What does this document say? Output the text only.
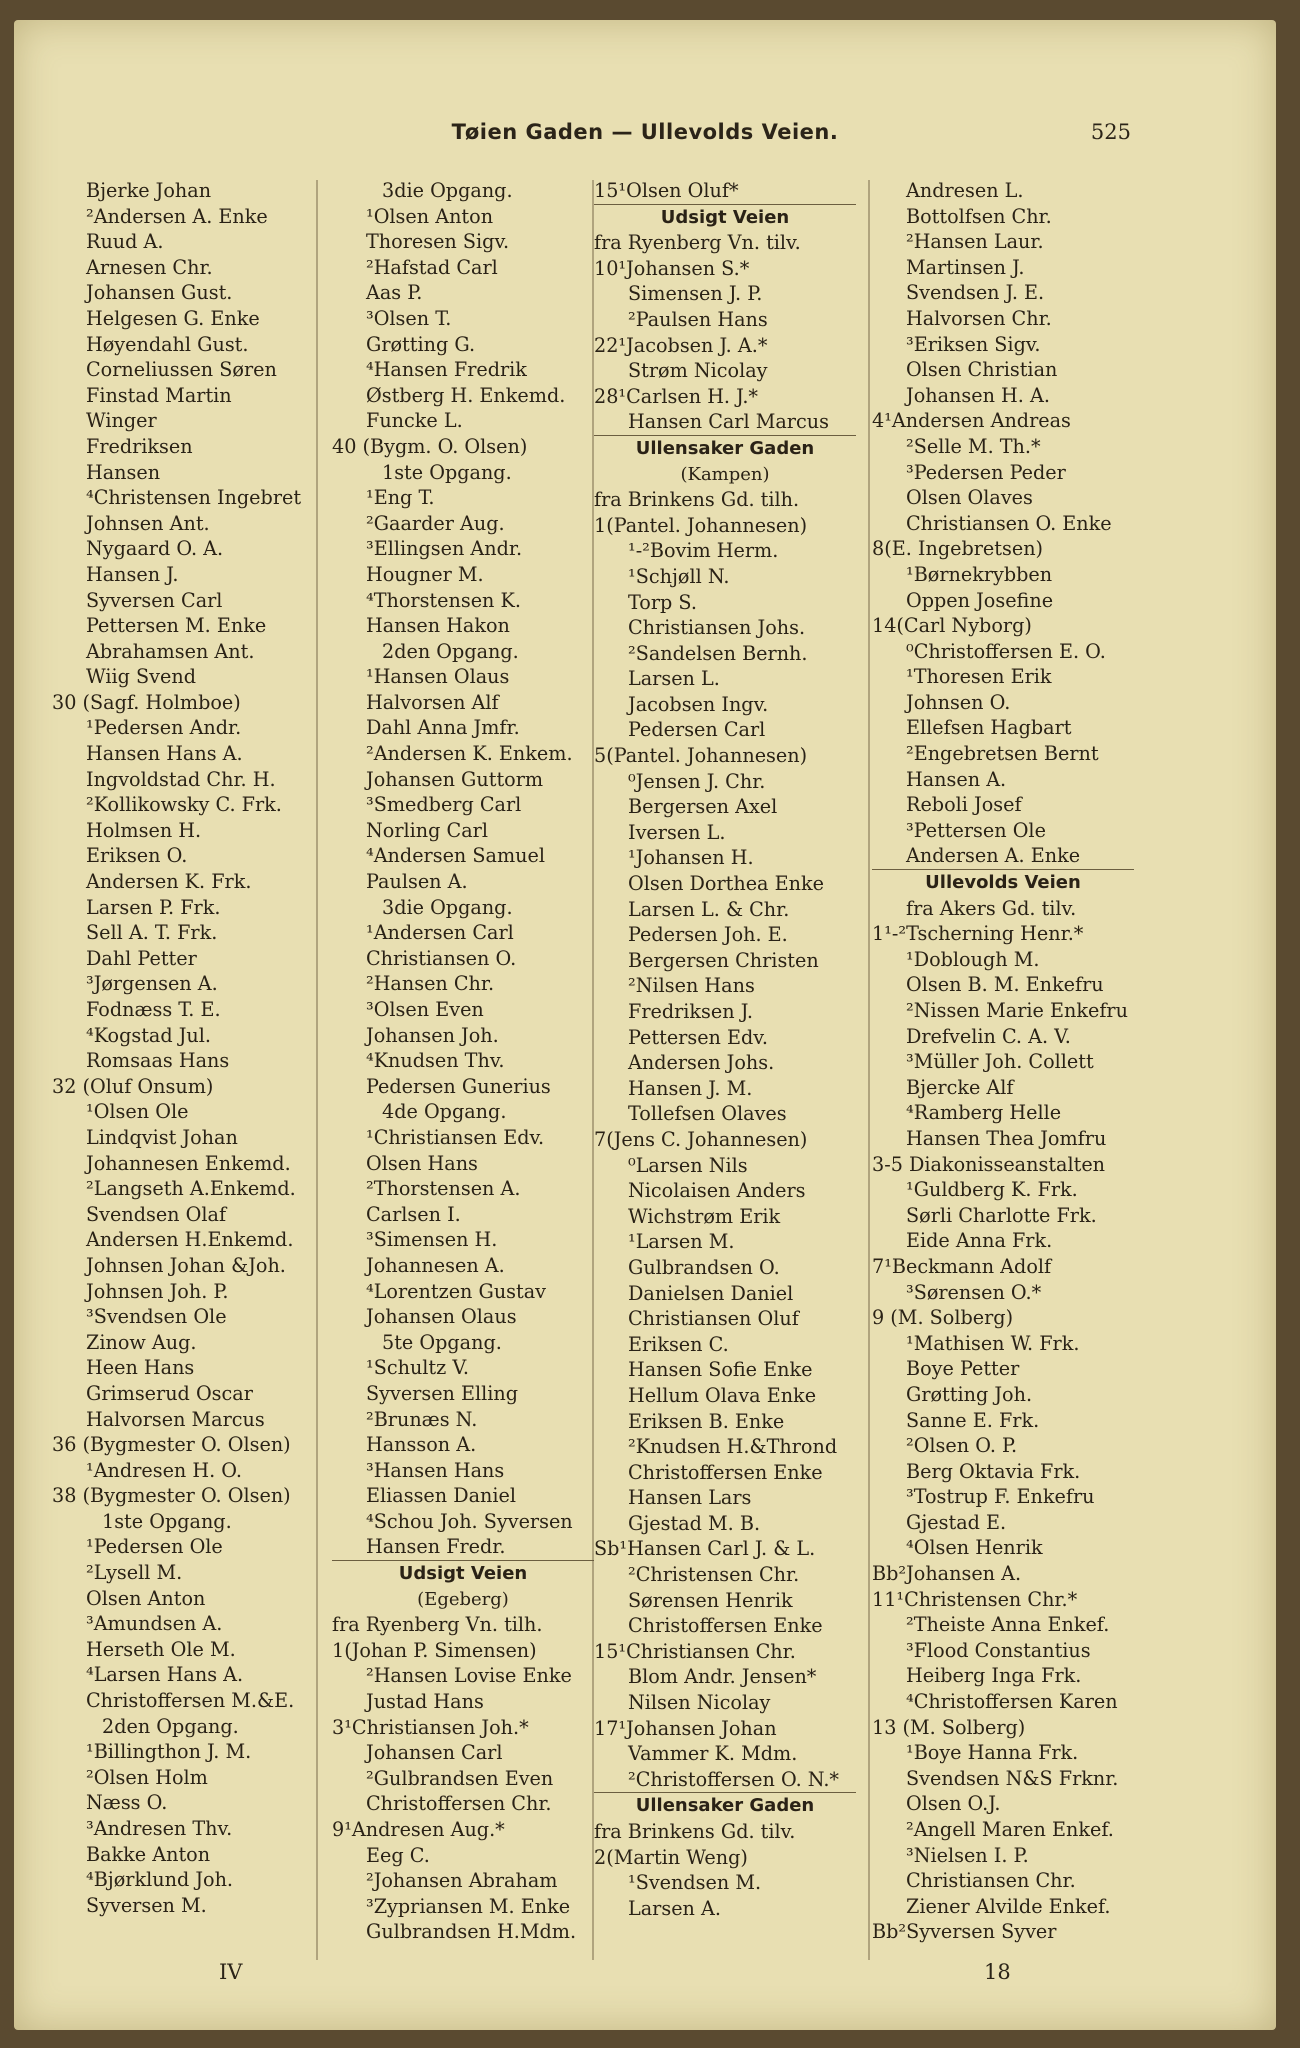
Tøien Gaden — Ullevolds Veien.	525
Bjerke Johan
²Andersen A. Enke
Ruud A.
Arnesen Chr.
Johansen Gust.
Helgesen G. Enke
Høyendahl Gust.
Corneliussen Søren
Finstad Martin
Winger
Fredriksen
Hansen
⁴Christensen Ingebret
Johnsen Ant.
Nygaard O. A.
Hansen J.
Syversen Carl
Pettersen M. Enke
Abrahamsen Ant.
Wiig Svend
30 (Sagf. Holmboe)
¹Pedersen Andr.
Hansen Hans A.
Ingvoldstad Chr. H.
²Kollikowsky C. Frk.
Holmsen H.
Eriksen O.
Andersen K. Frk.
Larsen P. Frk.
Sell A. T. Frk.
Dahl Petter
³Jørgensen A.
Fodnæss T. E.
⁴Kogstad Jul.
Romsaas Hans
32 (Oluf Onsum)
¹Olsen Ole
Lindqvist Johan
Johannesen Enkemd.
²Langseth A.Enkemd.
Svendsen Olaf
Andersen H.Enkemd.
Johnsen Johan &Joh.
Johnsen Joh. P.
³Svendsen Ole
Zinow Aug.
Heen Hans
Grimserud Oscar
Halvorsen Marcus
36 (Bygmester O. Olsen)
¹Andresen H. O.
38 (Bygmester O. Olsen)
1ste Opgang.
¹Pedersen Ole
²Lysell M.
Olsen Anton
³Amundsen A.
Herseth Ole M.
⁴Larsen Hans A.
Christoffersen M.&E.
2den Opgang.
¹Billingthon J. M.
²Olsen Holm
Næss O.
³Andresen Thv.
Bakke Anton
⁴Bjørklund Joh.
Syversen M.
3die Opgang.
¹Olsen Anton
Thoresen Sigv.
²Hafstad Carl
Aas P.
³Olsen T.
Grøtting G.
⁴Hansen Fredrik
Østberg H. Enkemd.
Funcke L.
40 (Bygm. O. Olsen)
1ste Opgang.
¹Eng T.
²Gaarder Aug.
³Ellingsen Andr.
Hougner M.
⁴Thorstensen K.
Hansen Hakon
2den Opgang.
¹Hansen Olaus
Halvorsen Alf
Dahl Anna Jmfr.
²Andersen K. Enkem.
Johansen Guttorm
³Smedberg Carl
Norling Carl
⁴Andersen Samuel
Paulsen A.
3die Opgang.
¹Andersen Carl
Christiansen O.
²Hansen Chr.
³Olsen Even
Johansen Joh.
⁴Knudsen Thv.
Pedersen Gunerius
4de Opgang.
¹Christiansen Edv.
Olsen Hans
²Thorstensen A.
Carlsen I.
³Simensen H.
Johannesen A.
⁴Lorentzen Gustav
Johansen Olaus
5te Opgang.
¹Schultz V.
Syversen Elling
²Brunæs N.
Hansson A.
³Hansen Hans
Eliassen Daniel
⁴Schou Joh. Syversen
Hansen Fredr.
Udsigt Veien
(Egeberg)
fra Ryenberg Vn. tilh.
1(Johan P. Simensen)
²Hansen Lovise Enke
Justad Hans
3¹Christiansen Joh.*
Johansen Carl
²Gulbrandsen Even
Christoffersen Chr.
9¹Andresen Aug.*
Eeg C.
²Johansen Abraham
³Zypriansen M. Enke
Gulbrandsen H.Mdm.
15¹Olsen Oluf*
Udsigt Veien
fra Ryenberg Vn. tilv.
10¹Johansen S.*
Simensen J. P.
²Paulsen Hans
22¹Jacobsen J. A.*
Strøm Nicolay
28¹Carlsen H. J.*
Hansen Carl Marcus
Ullensaker Gaden
(Kampen)
fra Brinkens Gd. tilh.
1(Pantel. Johannesen)
¹-²Bovim Herm.
¹Schjøll N.
Torp S.
Christiansen Johs.
²Sandelsen Bernh.
Larsen L.
Jacobsen Ingv.
Pedersen Carl
5(Pantel. Johannesen)
⁰Jensen J. Chr.
Bergersen Axel
Iversen L.
¹Johansen H.
Olsen Dorthea Enke
Larsen L. & Chr.
Pedersen Joh. E.
Bergersen Christen
²Nilsen Hans
Fredriksen J.
Pettersen Edv.
Andersen Johs.
Hansen J. M.
Tollefsen Olaves
7(Jens C. Johannesen)
⁰Larsen Nils
Nicolaisen Anders
Wichstrøm Erik
¹Larsen M.
Gulbrandsen O.
Danielsen Daniel
Christiansen Oluf
Eriksen C.
Hansen Sofie Enke
Hellum Olava Enke
Eriksen B. Enke
²Knudsen H.&Thrond
Christoffersen Enke
Hansen Lars
Gjestad M. B.
Sb¹Hansen Carl J. & L.
²Christensen Chr.
Sørensen Henrik
Christoffersen Enke
15¹Christiansen Chr.
Blom Andr. Jensen*
Nilsen Nicolay
17¹Johansen Johan
Vammer K. Mdm.
²Christoffersen O. N.*
Ullensaker Gaden
fra Brinkens Gd. tilv.
2(Martin Weng)
¹Svendsen M.
Larsen A.
Andresen L.
Bottolfsen Chr.
²Hansen Laur.
Martinsen J.
Svendsen J. E.
Halvorsen Chr.
³Eriksen Sigv.
Olsen Christian
Johansen H. A.
4¹Andersen Andreas
²Selle M. Th.*
³Pedersen Peder
Olsen Olaves
Christiansen O. Enke
8(E. Ingebretsen)
¹Børnekrybben
Oppen Josefine
14(Carl Nyborg)
⁰Christoffersen E. O.
¹Thoresen Erik
Johnsen O.
Ellefsen Hagbart
²Engebretsen Bernt
Hansen A.
Reboli Josef
³Pettersen Ole
Andersen A. Enke
Ullevolds Veien
fra Akers Gd. tilv.
1¹-²Tscherning Henr.*
¹Doblough M.
Olsen B. M. Enkefru
²Nissen Marie Enkefru
Drefvelin C. A. V.
³Müller Joh. Collett
Bjercke Alf
⁴Ramberg Helle
Hansen Thea Jomfru
3-5 Diakonisseanstalten
¹Guldberg K. Frk.
Sørli Charlotte Frk.
Eide Anna Frk.
7¹Beckmann Adolf
³Sørensen O.*
9 (M. Solberg)
¹Mathisen W. Frk.
Boye Petter
Grøtting Joh.
Sanne E. Frk.
²Olsen O. P.
Berg Oktavia Frk.
³Tostrup F. Enkefru
Gjestad E.
⁴Olsen Henrik
Bb²Johansen A.
11¹Christensen Chr.*
²Theiste Anna Enkef.
³Flood Constantius
Heiberg Inga Frk.
⁴Christoffersen Karen
13 (M. Solberg)
¹Boye Hanna Frk.
Svendsen N&S Frknr.
Olsen O.J.
²Angell Maren Enkef.
³Nielsen I. P.
Christiansen Chr.
Ziener Alvilde Enkef.
Bb²Syversen Syver
IV	18
